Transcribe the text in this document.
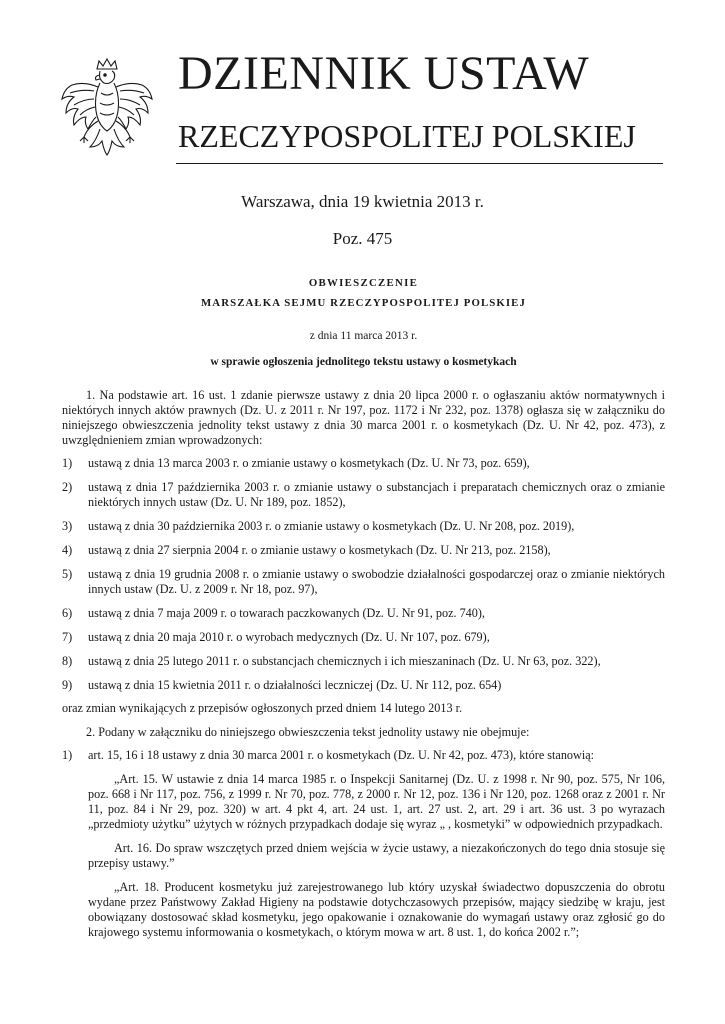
DZIENNIK USTAW
RZECZYPOSPOLITEJ POLSKIEJ
Warszawa, dnia 19 kwietnia 2013 r.
Poz. 475
OBWIESZCZENIE
MARSZAŁKA SEJMU RZECZYPOSPOLITEJ POLSKIEJ
z dnia 11 marca 2013 r.
w sprawie ogłoszenia jednolitego tekstu ustawy o kosmetykach

1. Na podstawie art. 16 ust. 1 zdanie pierwsze ustawy z dnia 20 lipca 2000 r. o ogłaszaniu aktów normatywnych i niektórych innych aktów prawnych (Dz. U. z 2011 r. Nr 197, poz. 1172 i Nr 232, poz. 1378) ogłasza się w załączniku do niniejszego obwieszczenia jednolity tekst ustawy z dnia 30 marca 2001 r. o kosmetykach (Dz. U. Nr 42, poz. 473), z uwzględnieniem zmian wprowadzonych:

1)	ustawą z dnia 13 marca 2003 r. o zmianie ustawy o kosmetykach (Dz. U. Nr 73, poz. 659),
2)	ustawą z dnia 17 października 2003 r. o zmianie ustawy o substancjach i preparatach chemicznych oraz o zmianie niektórych innych ustaw (Dz. U. Nr 189, poz. 1852),
3)	ustawą z dnia 30 października 2003 r. o zmianie ustawy o kosmetykach (Dz. U. Nr 208, poz. 2019),
4)	ustawą z dnia 27 sierpnia 2004 r. o zmianie ustawy o kosmetykach (Dz. U. Nr 213, poz. 2158),
5)	ustawą z dnia 19 grudnia 2008 r. o zmianie ustawy o swobodzie działalności gospodarczej oraz o zmianie niektórych innych ustaw (Dz. U. z 2009 r. Nr 18, poz. 97),
6)	ustawą z dnia 7 maja 2009 r. o towarach paczkowanych (Dz. U. Nr 91, poz. 740),
7)	ustawą z dnia 20 maja 2010 r. o wyrobach medycznych (Dz. U. Nr 107, poz. 679),
8)	ustawą z dnia 25 lutego 2011 r. o substancjach chemicznych i ich mieszaninach (Dz. U. Nr 63, poz. 322),
9)	ustawą z dnia 15 kwietnia 2011 r. o działalności leczniczej (Dz. U. Nr 112, poz. 654)

oraz zmian wynikających z przepisów ogłoszonych przed dniem 14 lutego 2013 r.

2. Podany w załączniku do niniejszego obwieszczenia tekst jednolity ustawy nie obejmuje:

1)	art. 15, 16 i 18 ustawy z dnia 30 marca 2001 r. o kosmetykach (Dz. U. Nr 42, poz. 473), które stanowią:

„Art. 15. W ustawie z dnia 14 marca 1985 r. o Inspekcji Sanitarnej (Dz. U. z 1998 r. Nr 90, poz. 575, Nr 106, poz. 668 i Nr 117, poz. 756, z 1999 r. Nr 70, poz. 778, z 2000 r. Nr 12, poz. 136 i Nr 120, poz. 1268 oraz z 2001 r. Nr 11, poz. 84 i Nr 29, poz. 320) w art. 4 pkt 4, art. 24 ust. 1, art. 27 ust. 2, art. 29 i art. 36 ust. 3 po wyrazach „przedmioty użytku” użytych w różnych przypadkach dodaje się wyraz „ , kosmetyki” w odpowiednich przypadkach.

Art. 16. Do spraw wszczętych przed dniem wejścia w życie ustawy, a niezakończonych do tego dnia stosuje się przepisy ustawy.”

„Art. 18. Producent kosmetyku już zarejestrowanego lub który uzyskał świadectwo dopuszczenia do obrotu wydane przez Państwowy Zakład Higieny na podstawie dotychczasowych przepisów, mający siedzibę w kraju, jest obowiązany dostosować skład kosmetyku, jego opakowanie i oznakowanie do wymagań ustawy oraz zgłosić go do krajowego systemu informowania o kosmetykach, o którym mowa w art. 8 ust. 1, do końca 2002 r.”;
